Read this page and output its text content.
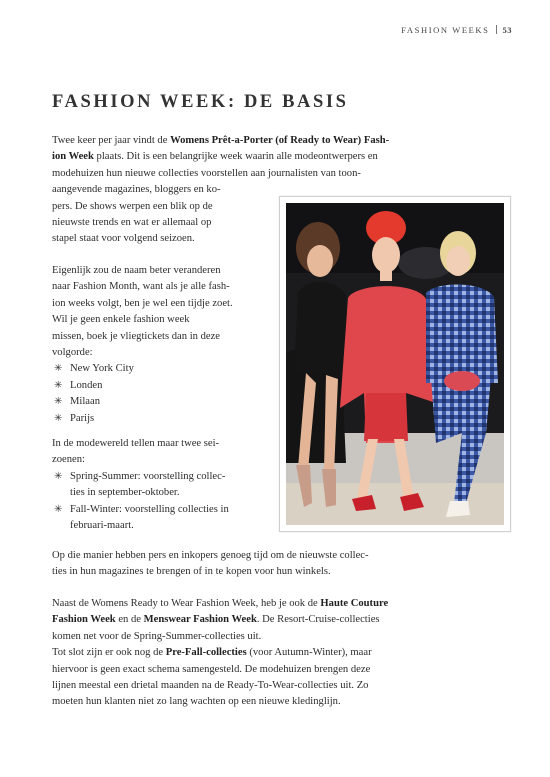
FASHION WEEKS 53
FASHION WEEK: DE BASIS

Twee keer per jaar vindt de Womens Prêt-a-Porter (of Ready to Wear) Fash-

ion Week plaats. Dit is een belangrijke week waarin alle modeontwerpers en

modehuizen hun nieuwe collecties voorstellen aan journalisten van toon-

aangevende magazines, bloggers en ko-

pers. De shows werpen een blik op de

nieuwste trends en wat er allemaal op

stapel staat voor volgend seizoen.

Eigenlijk zou de naam beter veranderen

naar Fashion Month, want als je alle fash-

ion weeks volgt, ben je wel een tijdje zoet.

Wil je geen enkele fashion week

missen, boek je vliegtickets dan in deze

volgorde:

✳ New York City
✳ Londen
✳ Milaan
✳ Parijs

In de modewereld tellen maar twee sei-

zoenen:

✳ Spring-Summer: voorstelling collec-
ties in september-oktober.
✳ Fall-Winter: voorstelling collecties in
februari-maart.

Op die manier hebben pers en inkopers genoeg tijd om de nieuwste collec-

ties in hun magazines te brengen of in te kopen voor hun winkels.

Naast de Womens Ready to Wear Fashion Week, heb je ook de Haute Couture

Fashion Week en de Menswear Fashion Week. De Resort-Cruise-collecties

komen net voor de Spring-Summer-collecties uit.

Tot slot zijn er ook nog de Pre-Fall-collecties (voor Autumn-Winter), maar

hiervoor is geen exact schema samengesteld. De modehuizen brengen deze

lijnen meestal een drietal maanden na de Ready-To-Wear-collecties uit. Zo

moeten hun klanten niet zo lang wachten op een nieuwe kledinglijn.
